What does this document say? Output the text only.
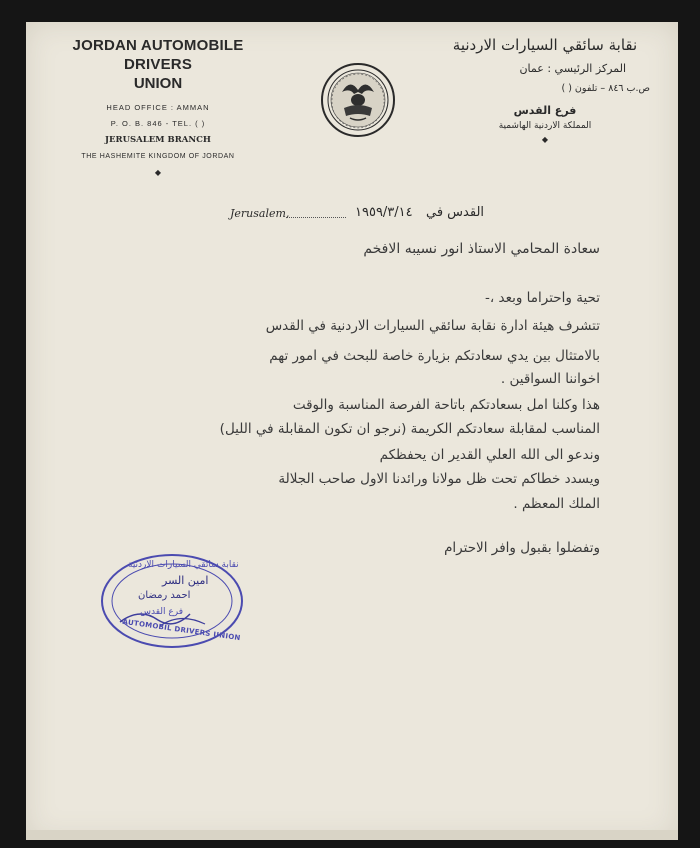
JORDAN AUTOMOBILE DRIVERS
UNION
HEAD OFFICE : AMMAN
P. O. B. 846 - TEL. ( )
JERUSALEM BRANCH
THE HASHEMITE KINGDOM OF JORDAN
◆
نقابة سائقي السيارات الاردنية
المركز الرئيسي : عمان
ص.ب ٨٤٦ – تلفون ( )
فرع القدس
المملكة الاردنية الهاشمية
◆
Jerusalem,	١٩٥٩/٣/١٤ القدس في
سعادة المحامي الاستاذ انور نسيبه الافخم
تحية واحتراما وبعد ،-
تتشرف هيئة ادارة نقابة سائقي السيارات الاردنية في القدس
بالامتثال بين يدي سعادتكم بزيارة خاصة للبحث في امور تهم
اخواننا السواقين .
هذا وكلنا امل بسعادتكم باتاحة الفرصة المناسبة والوقت
المناسب لمقابلة سعادتكم الكريمة (نرجو ان تكون المقابلة في الليل)
وندعو الى الله العلي القدير ان يحفظكم
ويسدد خطاكم تحت ظل مولانا ورائدنا الاول صاحب الجلالة
الملك المعظم .
وتفضلوا بقبول وافر الاحترام
نقابة سائقي السيارات الاردنية
امين السر
احمد رمضان
فرع القدس
AUTOMOBIL DRIVERS UNION
